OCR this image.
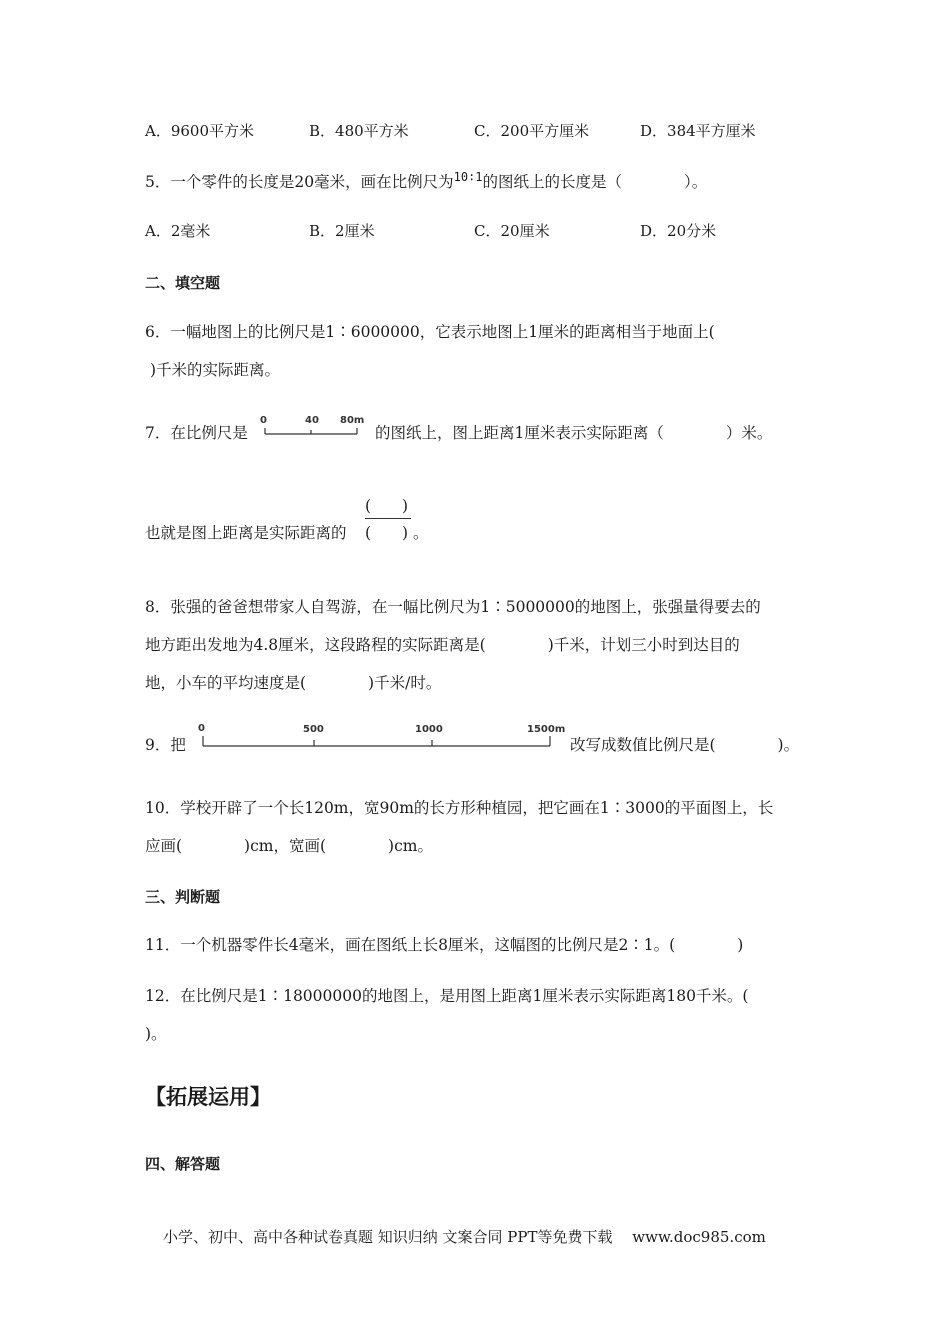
A．9600平方米	B．480平方米	C．200平方厘米	D．384平方厘米
5．一个零件的长度是20毫米，画在比例尺为$^{10∶1}$的图纸上的长度是（　　　　）。
A．2毫米	B．2厘米	C．20厘米	D．20分米
二、填空题
6．一幅地图上的比例尺是1∶6000000，它表示地图上1厘米的距离相当于地面上(
)千米的实际距离。
7．在比例尺是
0	40 80m
的图纸上，图上距离1厘米表示实际距离（　　　　）米。
(　　)
也就是图上距离是实际距离的 (　　) 。
8．张强的爸爸想带家人自驾游，在一幅比例尺为1∶5000000的地图上，张强量得要去的
地方距出发地为4.8厘米，这段路程的实际距离是(　　　　)千米，计划三小时到达目的
地，小车的平均速度是(　　　　)千米/时。
9．把
0	500	1000	1500m
改写成数值比例尺是(　　　　)。
10．学校开辟了一个长120m，宽90m的长方形种植园，把它画在1∶3000的平面图上，长
应画(　　　　)cm，宽画(　　　　)cm。
三、判断题
11．一个机器零件长4毫米，画在图纸上长8厘米，这幅图的比例尺是2∶1。(　　　　)
12．在比例尺是1∶18000000的地图上，是用图上距离1厘米表示实际距离180千米。(
)。
【拓展运用】
四、解答题
小学、初中、高中各种试卷真题 知识归纳 文案合同 PPT等免费下载　 www.doc985.com
